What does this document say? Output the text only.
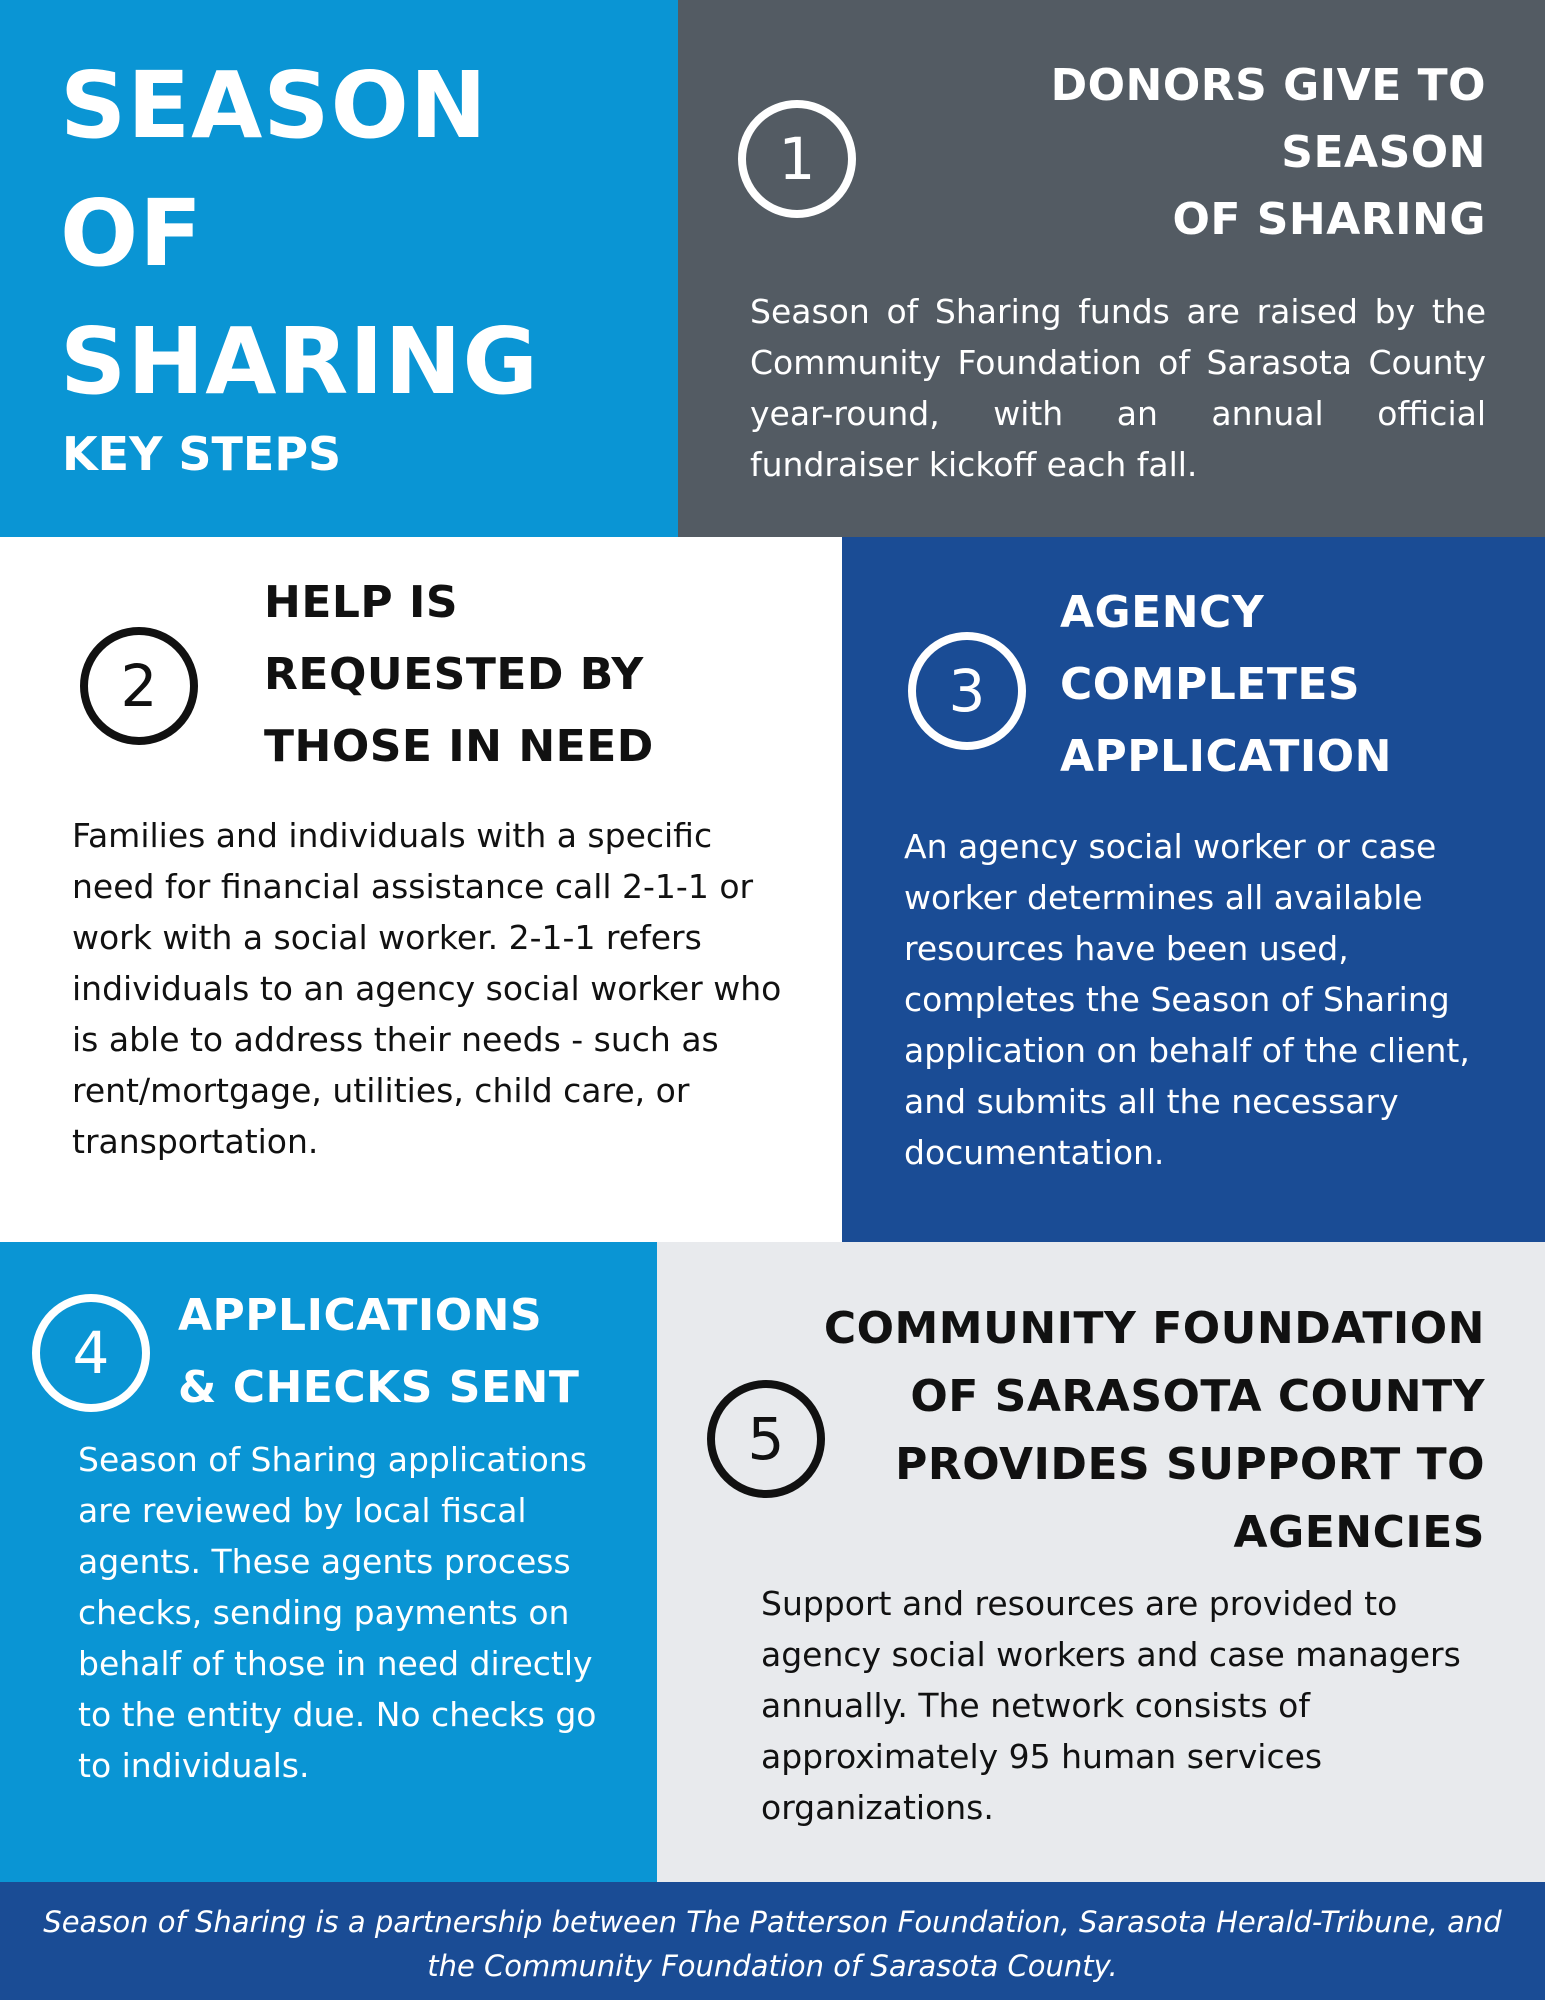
SEASON
OF
SHARING
KEY STEPS
1
DONORS GIVE TO
SEASON
OF SHARING

Season of Sharing funds are raised by the Community Foundation of Sarasota County year-round, with an annual official fundraiser kickoff each fall.

2
HELP IS
REQUESTED BY
THOSE IN NEED

Families and individuals with a specific need for financial assistance call 2-1-1 or work with a social worker. 2-1-1 refers individuals to an agency social worker who is able to address their needs - such as rent/mortgage, utilities, child care, or transportation.

3
AGENCY
COMPLETES
APPLICATION

An agency social worker or case worker determines all available resources have been used, completes the Season of Sharing application on behalf of the client, and submits all the necessary documentation.

4
APPLICATIONS
& CHECKS SENT

Season of Sharing applications are reviewed by local fiscal agents. These agents process checks, sending payments on behalf of those in need directly to the entity due. No checks go to individuals.

5
COMMUNITY FOUNDATION
OF SARASOTA COUNTY
PROVIDES SUPPORT TO
AGENCIES

Support and resources are provided to agency social workers and case managers annually. The network consists of approximately 95 human services organizations.

Season of Sharing is a partnership between The Patterson Foundation, Sarasota Herald-Tribune, and the Community Foundation of Sarasota County.
